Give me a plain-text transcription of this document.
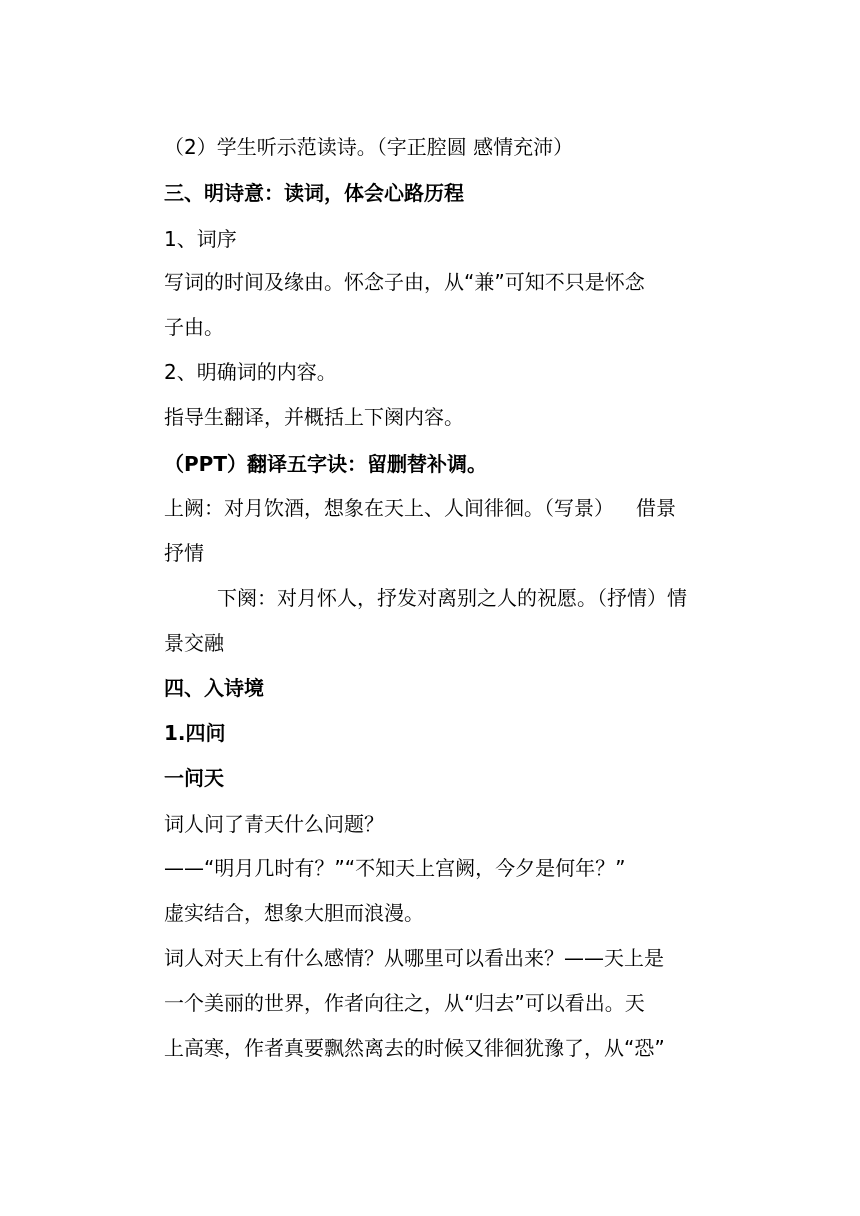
（2）学生听示范读诗。（字正腔圆 感情充沛）

三、明诗意：读词，体会心路历程

1、词序

写词的时间及缘由。怀念子由，从“兼”可知不只是怀念

子由。

2、明确词的内容。

指导生翻译，并概括上下阕内容。

（PPT）翻译五字诀：留删替补调。

上阙：对月饮酒，想象在天上、人间徘徊。（写景） 借景

抒情

下阕：对月怀人，抒发对离别之人的祝愿。（抒情）情

景交融

四、入诗境

1.四问

一问天

词人问了青天什么问题？

——“明月几时有？”“不知天上宫阙，今夕是何年？”

虚实结合，想象大胆而浪漫。

词人对天上有什么感情？从哪里可以看出来？——天上是

一个美丽的世界，作者向往之，从“归去”可以看出。天

上高寒，作者真要飘然离去的时候又徘徊犹豫了，从“恐”
